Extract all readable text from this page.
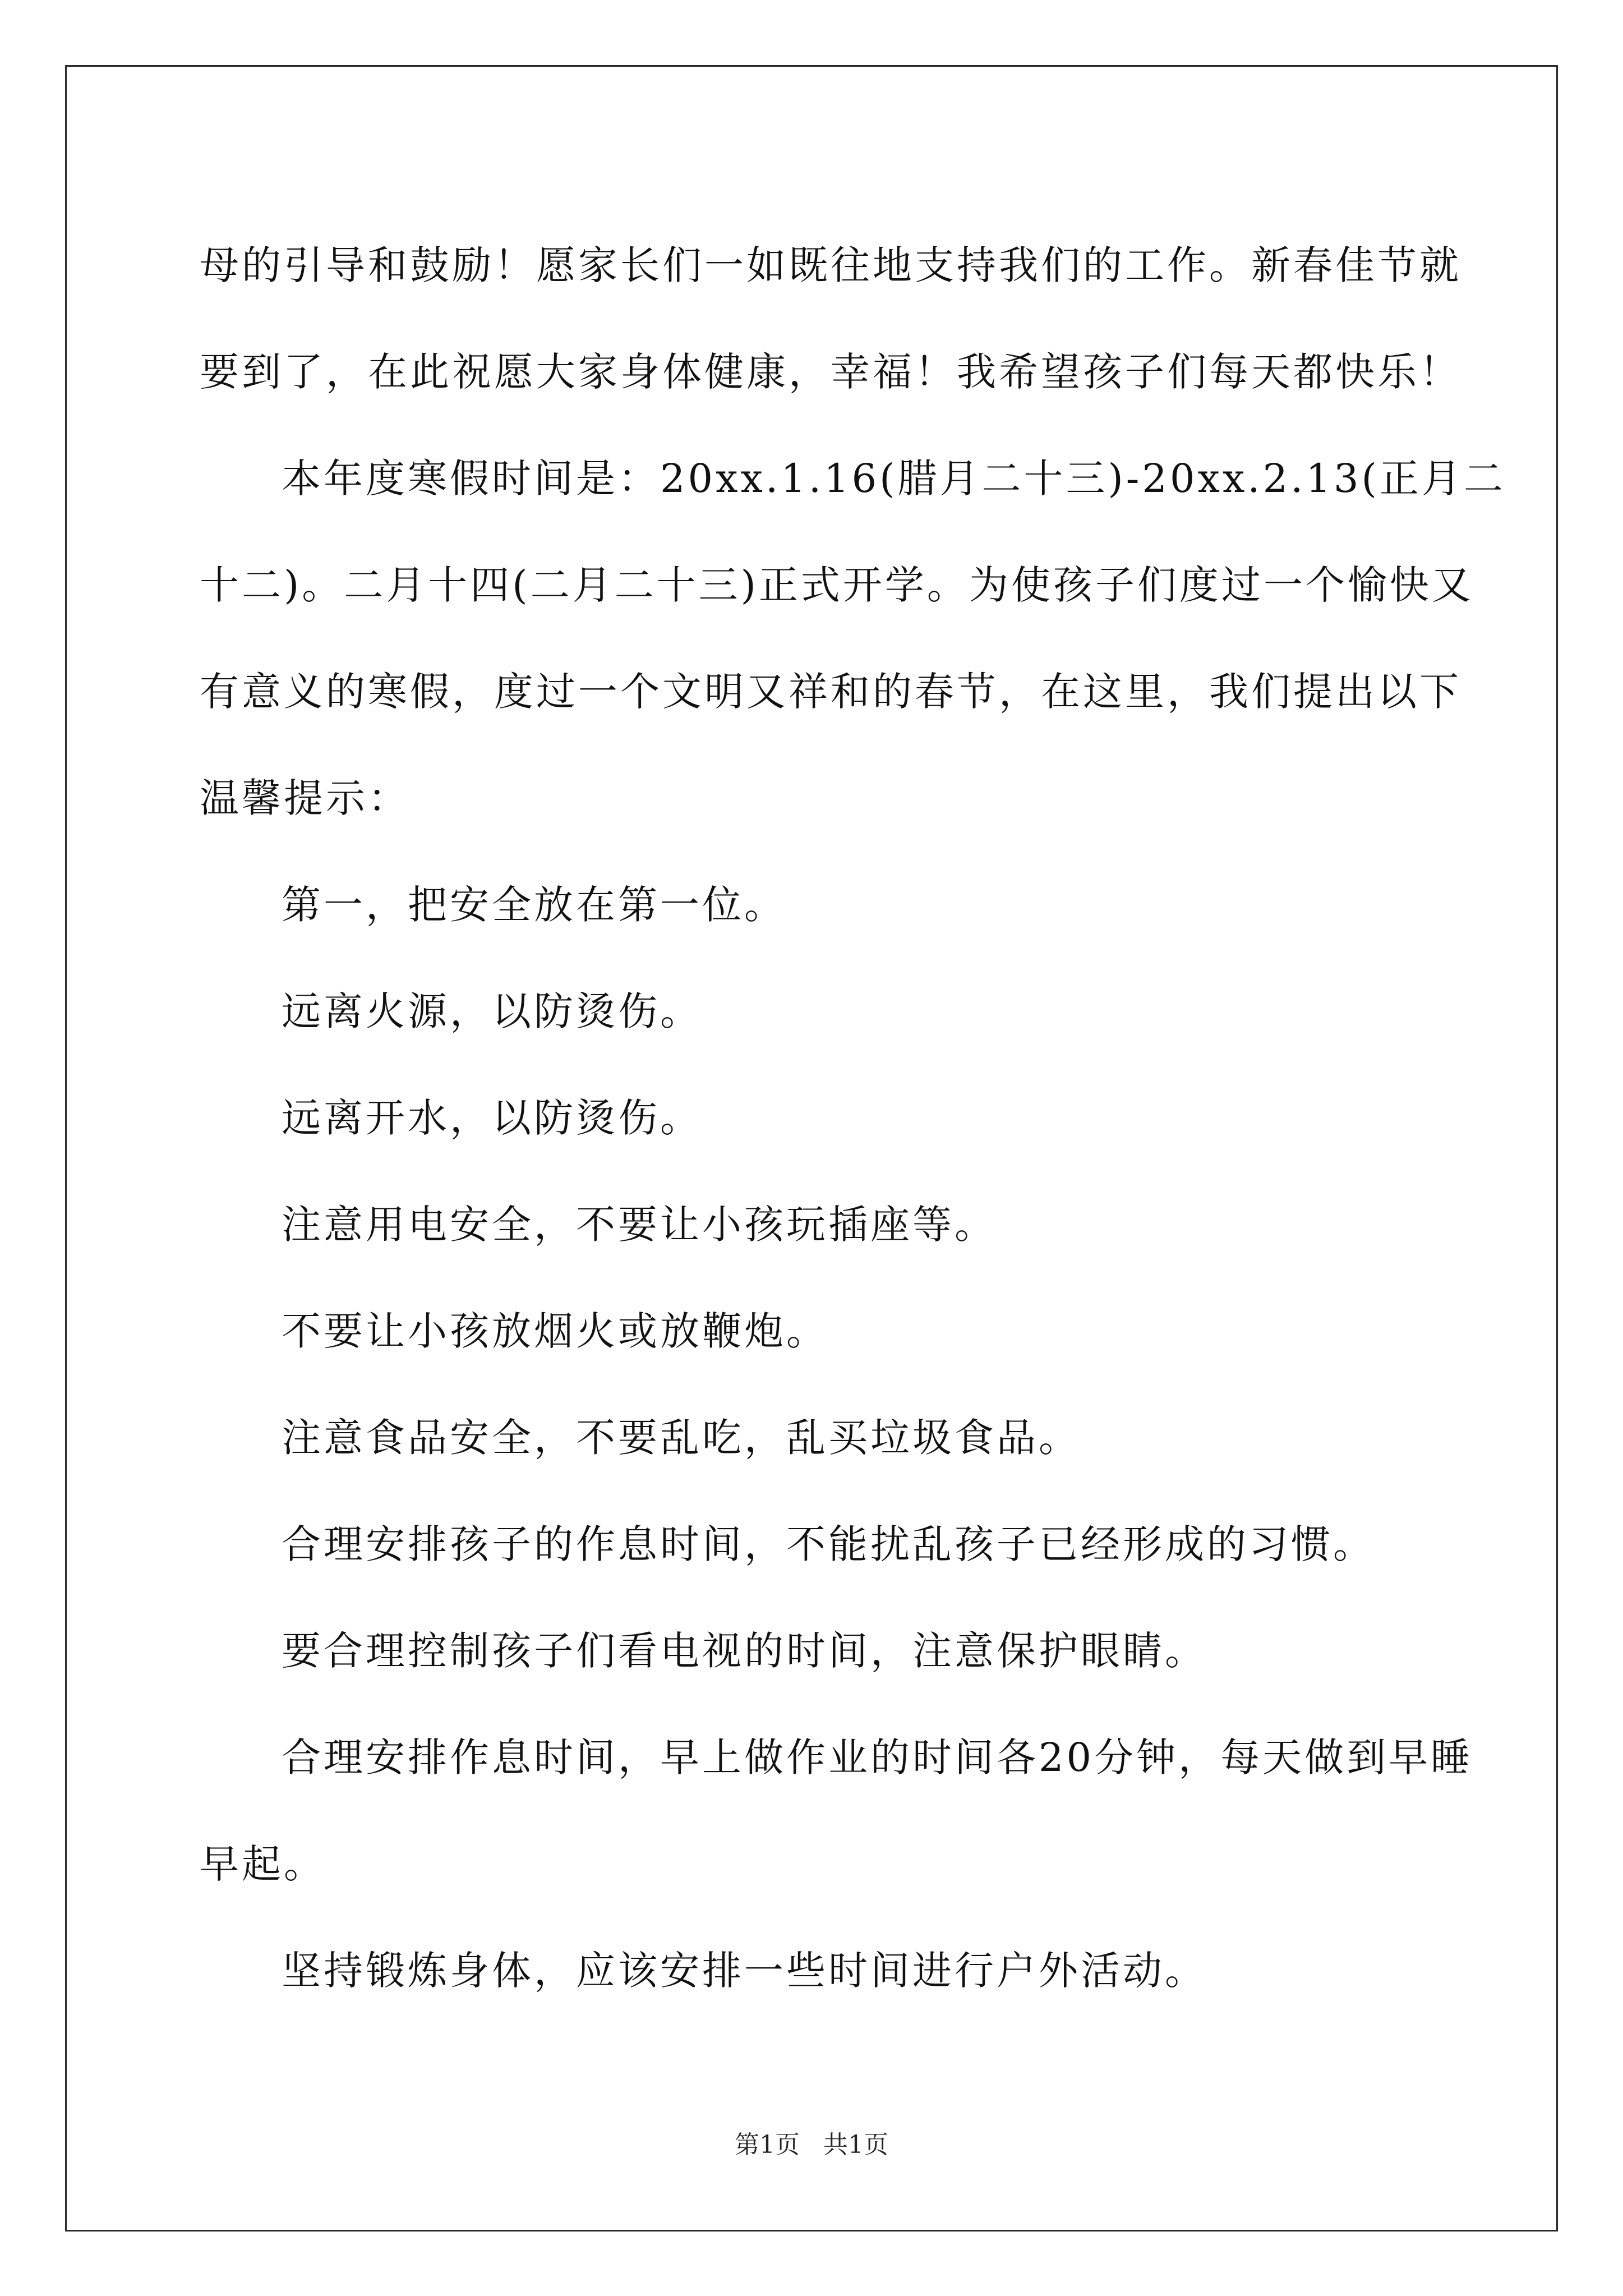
母的引导和鼓励！愿家长们一如既往地支持我们的工作。新春佳节就
要到了，在此祝愿大家身体健康，幸福！我希望孩子们每天都快乐！
本年度寒假时间是：20xx.1.16(腊月二十三)-20xx.2.13(正月二
十二)。二月十四(二月二十三)正式开学。为使孩子们度过一个愉快又
有意义的寒假，度过一个文明又祥和的春节，在这里，我们提出以下
温馨提示：
第一，把安全放在第一位。
远离火源，以防烫伤。
远离开水，以防烫伤。
注意用电安全，不要让小孩玩插座等。
不要让小孩放烟火或放鞭炮。
注意食品安全，不要乱吃，乱买垃圾食品。
合理安排孩子的作息时间，不能扰乱孩子已经形成的习惯。
要合理控制孩子们看电视的时间，注意保护眼睛。
合理安排作息时间，早上做作业的时间各20分钟，每天做到早睡
早起。
坚持锻炼身体，应该安排一些时间进行户外活动。
第1页 共1页
